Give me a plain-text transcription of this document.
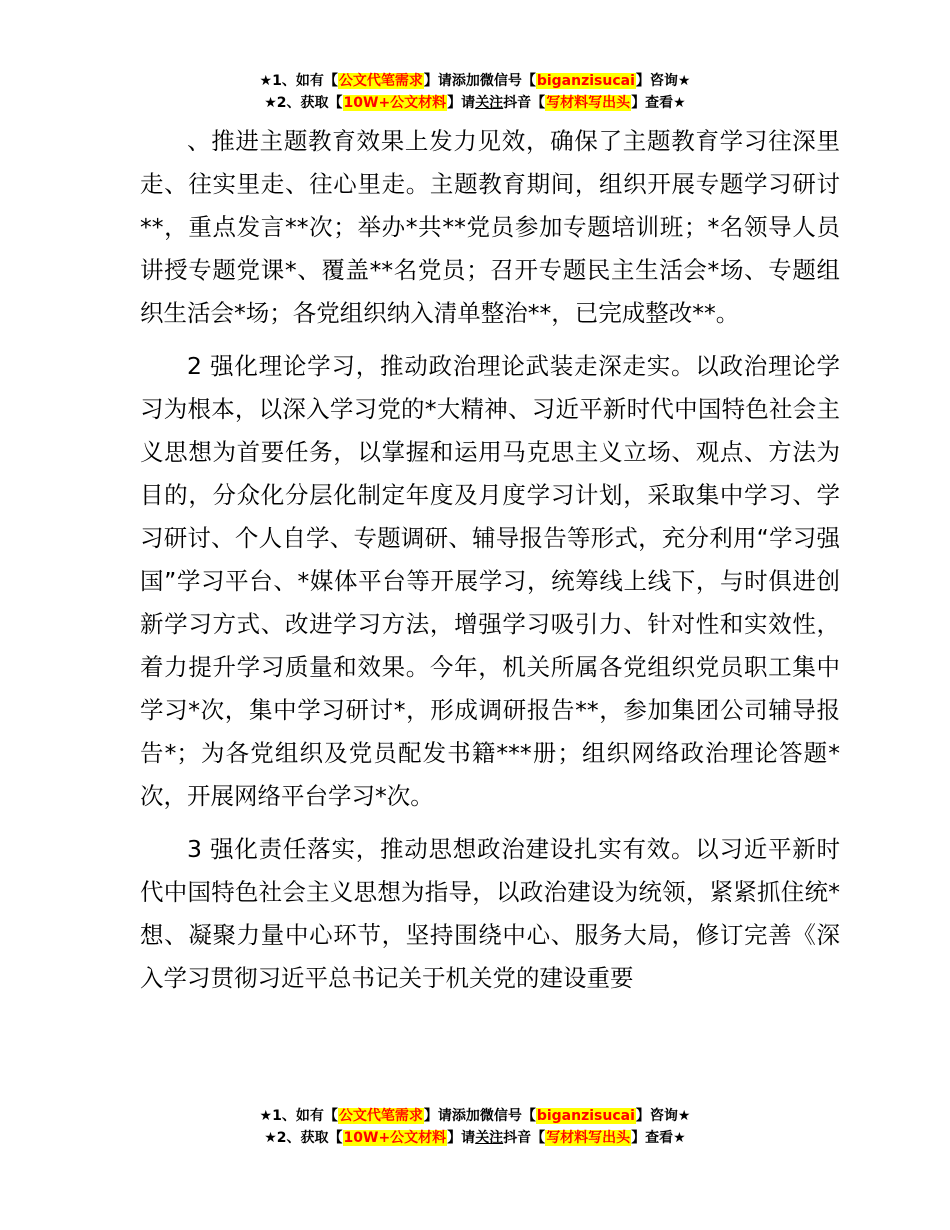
★1、如有【公文代笔需求】请添加微信号【biganzisucai】咨询★
★2、获取【10W+公文材料】请关注抖音【写材料写出头】查看★

、推进主题教育效果上发力见效，确保了主题教育学习往深里走、往实里走、往心里走。主题教育期间，组织开展专题学习研讨**，重点发言**次；举办*共**党员参加专题培训班；*名领导人员讲授专题党课*、覆盖**名党员；召开专题民主生活会*场、专题组织生活会*场；各党组织纳入清单整治**，已完成整改**。

2 强化理论学习，推动政治理论武装走深走实。以政治理论学习为根本，以深入学习党的*大精神、习近平新时代中国特色社会主义思想为首要任务，以掌握和运用马克思主义立场、观点、方法为目的，分众化分层化制定年度及月度学习计划，采取集中学习、学习研讨、个人自学、专题调研、辅导报告等形式，充分利用“学习强国”学习平台、*媒体平台等开展学习，统筹线上线下，与时俱进创新学习方式、改进学习方法，增强学习吸引力、针对性和实效性，着力提升学习质量和效果。今年，机关所属各党组织党员职工集中学习*次，集中学习研讨*，形成调研报告**，参加集团公司辅导报告*；为各党组织及党员配发书籍***册；组织网络政治理论答题*次，开展网络平台学习*次。

3 强化责任落实，推动思想政治建设扎实有效。以习近平新时代中国特色社会主义思想为指导，以政治建设为统领，紧紧抓住统*想、凝聚力量中心环节，坚持围绕中心、服务大局，修订完善《深入学习贯彻习近平总书记关于机关党的建设重要

★1、如有【公文代笔需求】请添加微信号【biganzisucai】咨询★
★2、获取【10W+公文材料】请关注抖音【写材料写出头】查看★
